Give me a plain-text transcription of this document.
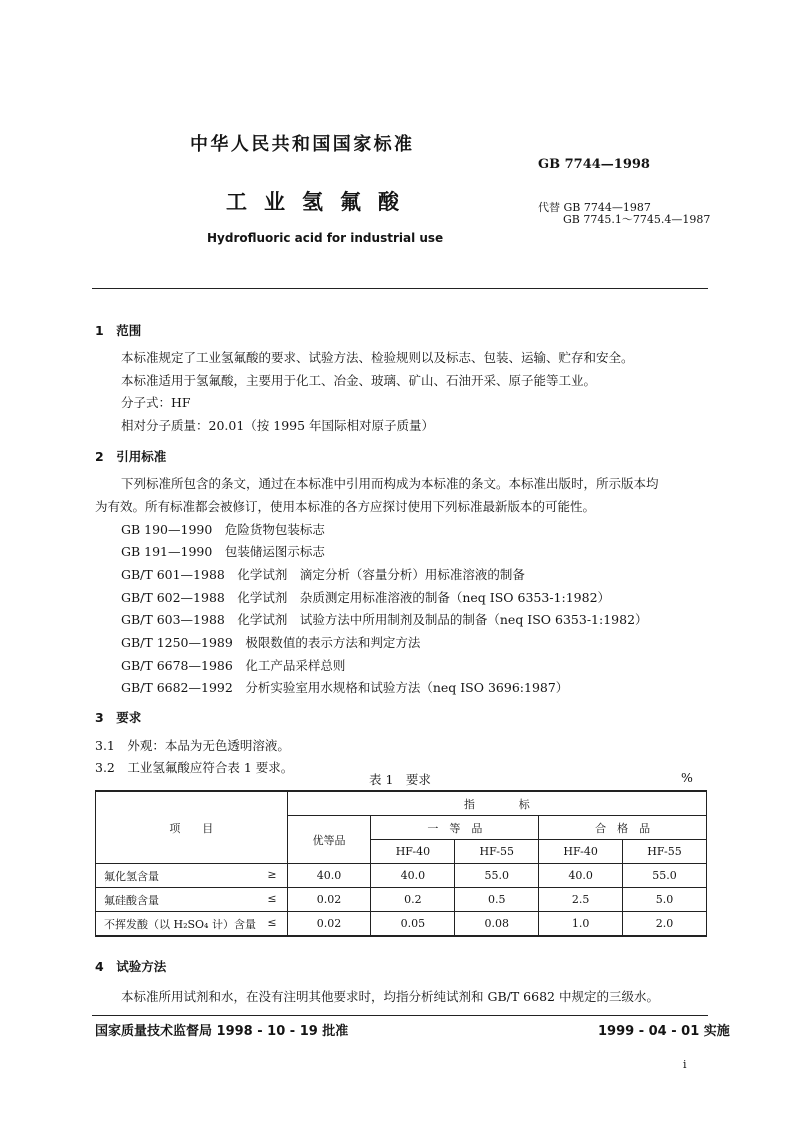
中华人民共和国国家标准
GB 7744—1998
工业氢氟酸
Hydrofluoric acid for industrial use
代替 GB 7744—1987
GB 7745.1～7745.4—1987
1　范围
本标准规定了工业氢氟酸的要求、试验方法、检验规则以及标志、包装、运输、贮存和安全。
本标准适用于氢氟酸，主要用于化工、冶金、玻璃、矿山、石油开采、原子能等工业。
分子式：HF
相对分子质量：20.01（按 1995 年国际相对原子质量）
2　引用标准
下列标准所包含的条文，通过在本标准中引用而构成为本标准的条文。本标准出版时，所示版本均
为有效。所有标准都会被修订，使用本标准的各方应探讨使用下列标准最新版本的可能性。
GB 190—1990　危险货物包装标志
GB 191—1990　包装储运图示标志
GB/T 601—1988　化学试剂　滴定分析（容量分析）用标准溶液的制备
GB/T 602—1988　化学试剂　杂质测定用标准溶液的制备（neq ISO 6353-1:1982）
GB/T 603—1988　化学试剂　试验方法中所用制剂及制品的制备（neq ISO 6353-1:1982）
GB/T 1250—1989　极限数值的表示方法和判定方法
GB/T 6678—1986　化工产品采样总则
GB/T 6682—1992　分析实验室用水规格和试验方法（neq ISO 3696:1987）
3　要求
3.1　外观：本品为无色透明溶液。
3.2　工业氢氟酸应符合表 1 要求。
表 1　要求	%
项　　目	指　　　　标				
	优等品	一　等　品		合　格　品	
		HF-40	HF-55	HF-40	HF-55
氟化氢含量 ≥	40.0	40.0	55.0	40.0	55.0
氟硅酸含量 ≤	0.02	0.2	0.5	2.5	5.0
不挥发酸（以 H₂SO₄ 计）含量 ≤	0.02	0.05	0.08	1.0	2.0
4　试验方法
本标准所用试剂和水，在没有注明其他要求时，均指分析纯试剂和 GB/T 6682 中规定的三级水。
国家质量技术监督局 1998 - 10 - 19 批准	1999 - 04 - 01 实施
i
